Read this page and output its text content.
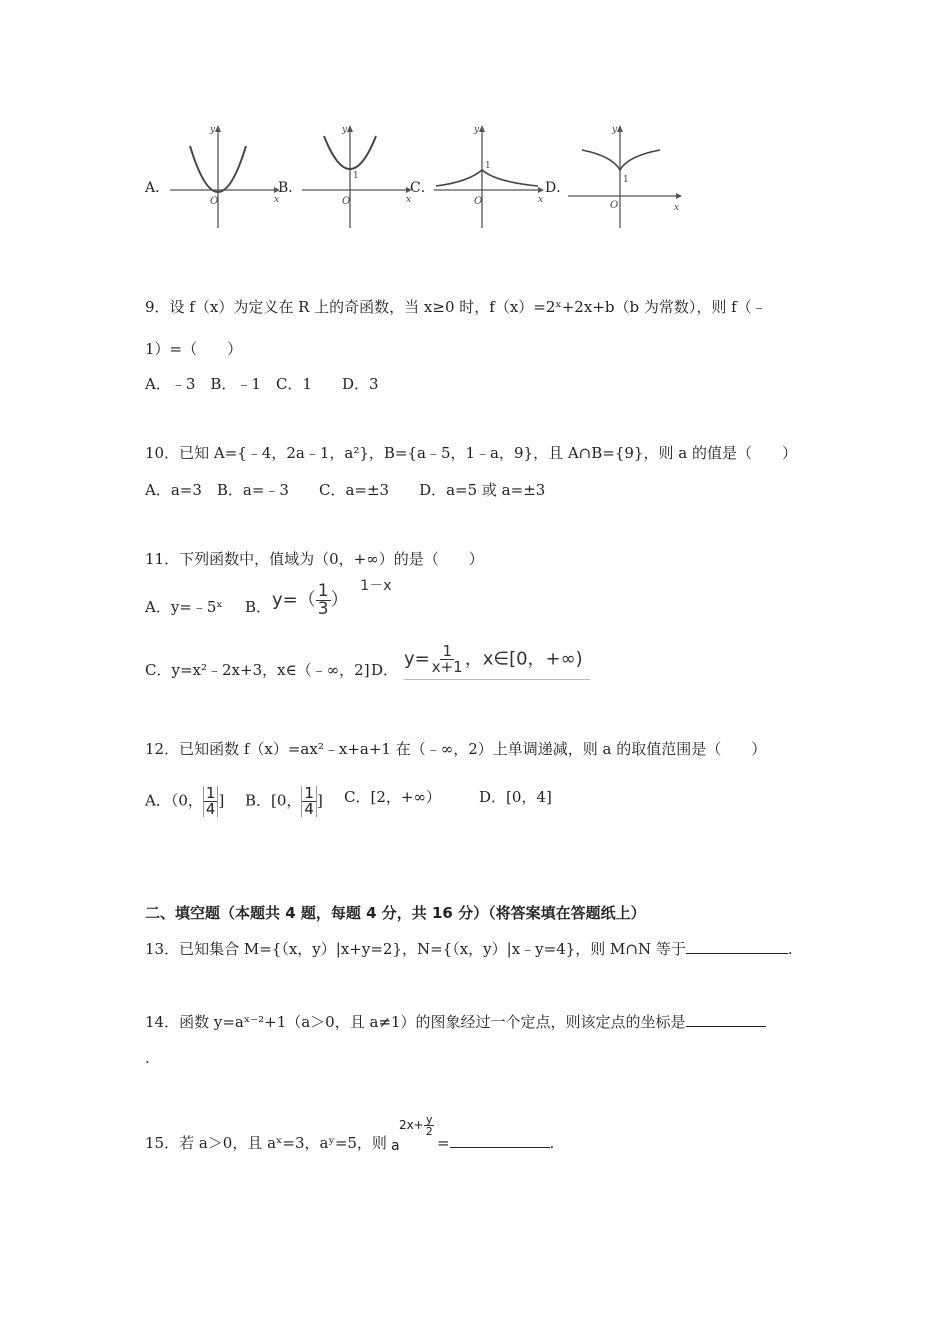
A．
O	x
y
B．
1
O	x
y
C．
1
O	x
y
D．	1
O	x
y
9．设 f（x）为定义在 R 上的奇函数，当 x≥0 时，f（x）=2ˣ+2x+b（b 为常数），则 f（﹣
1）=（　　）
A．﹣3　B．﹣1　C．1　　D．3
10．已知 A={﹣4，2a﹣1，a²}，B={a﹣5，1﹣a，9}，且 A∩B={9}，则 a 的值是（　　）
A．a=3　B．a=﹣3　　C．a=±3　　D．a=5 或 a=±3
11．下列函数中，值域为（0，+∞）的是（　　）
A．y=﹣5ˣ B． $y=( \frac{1}{3}$ ） $^{1-x}$
C．y=x²﹣2x+3，x∈（﹣∞，2] D．
$y= \frac{1}{x+1}$ ，x∈[0，+∞)
12．已知函数 f（x）=ax²﹣x+a+1 在（﹣∞，2）上单调递减，则 a 的取值范围是（　　）
A．（0， $\frac{1}{4}$ ] B．[0， $\frac{1}{4}$ ] C．[2，+∞）	D．[0，4]
二、填空题（本题共 4 题，每题 4 分，共 16 分）（将答案填在答题纸上）
13．已知集合 M={（x，y）|x+y=2}，N={（x，y）|x﹣y=4}，则 M∩N 等于	.
14．函数 y=aˣ⁻²+1（a＞0，且 a≠1）的图象经过一个定点，则该定点的坐标是
.
15．若 a＞0，且 aˣ=3，aʸ=5，则 a
$2x+ \frac{y}{2}$
=	.
